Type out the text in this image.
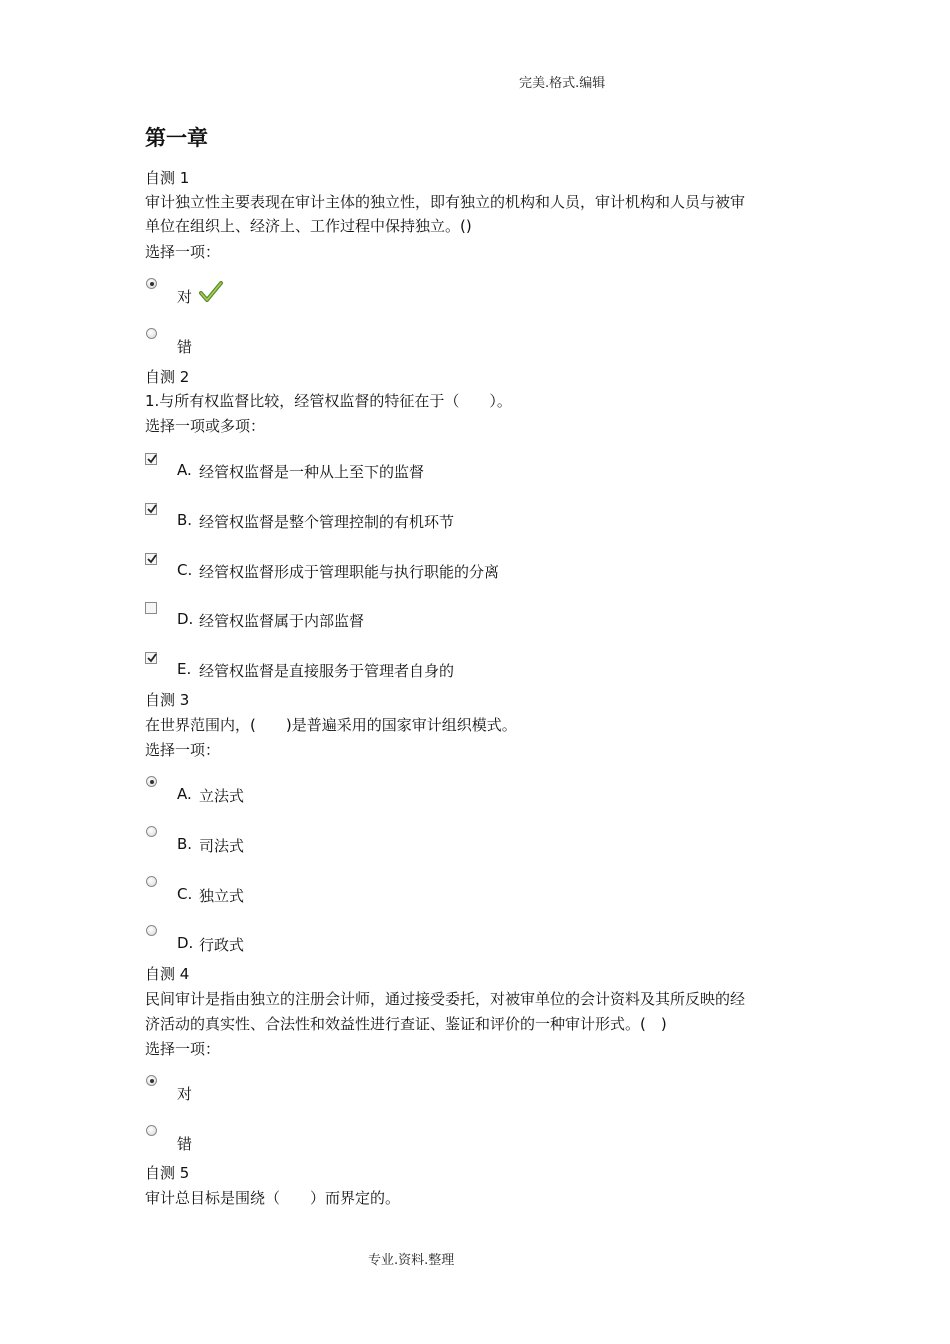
完美.格式.编辑
第一章
自测 1
审计独立性主要表现在审计主体的独立性，即有独立的机构和人员，审计机构和人员与被审
单位在组织上、经济上、工作过程中保持独立。()
选择一项：
对
错
自测 2
1.与所有权监督比较，经管权监督的特征在于（　　）。
选择一项或多项：
A. 经管权监督是一种从上至下的监督
B. 经管权监督是整个管理控制的有机环节
C. 经管权监督形成于管理职能与执行职能的分离
D. 经管权监督属于内部监督
E. 经管权监督是直接服务于管理者自身的
自测 3
在世界范围内，(　　)是普遍采用的国家审计组织模式。
选择一项：
A. 立法式
B. 司法式
C. 独立式
D. 行政式
自测 4
民间审计是指由独立的注册会计师，通过接受委托，对被审单位的会计资料及其所反映的经
济活动的真实性、合法性和效益性进行查证、鉴证和评价的一种审计形式。(　)
选择一项：
对
错
自测 5
审计总目标是围绕（　　）而界定的。
专业.资料.整理
